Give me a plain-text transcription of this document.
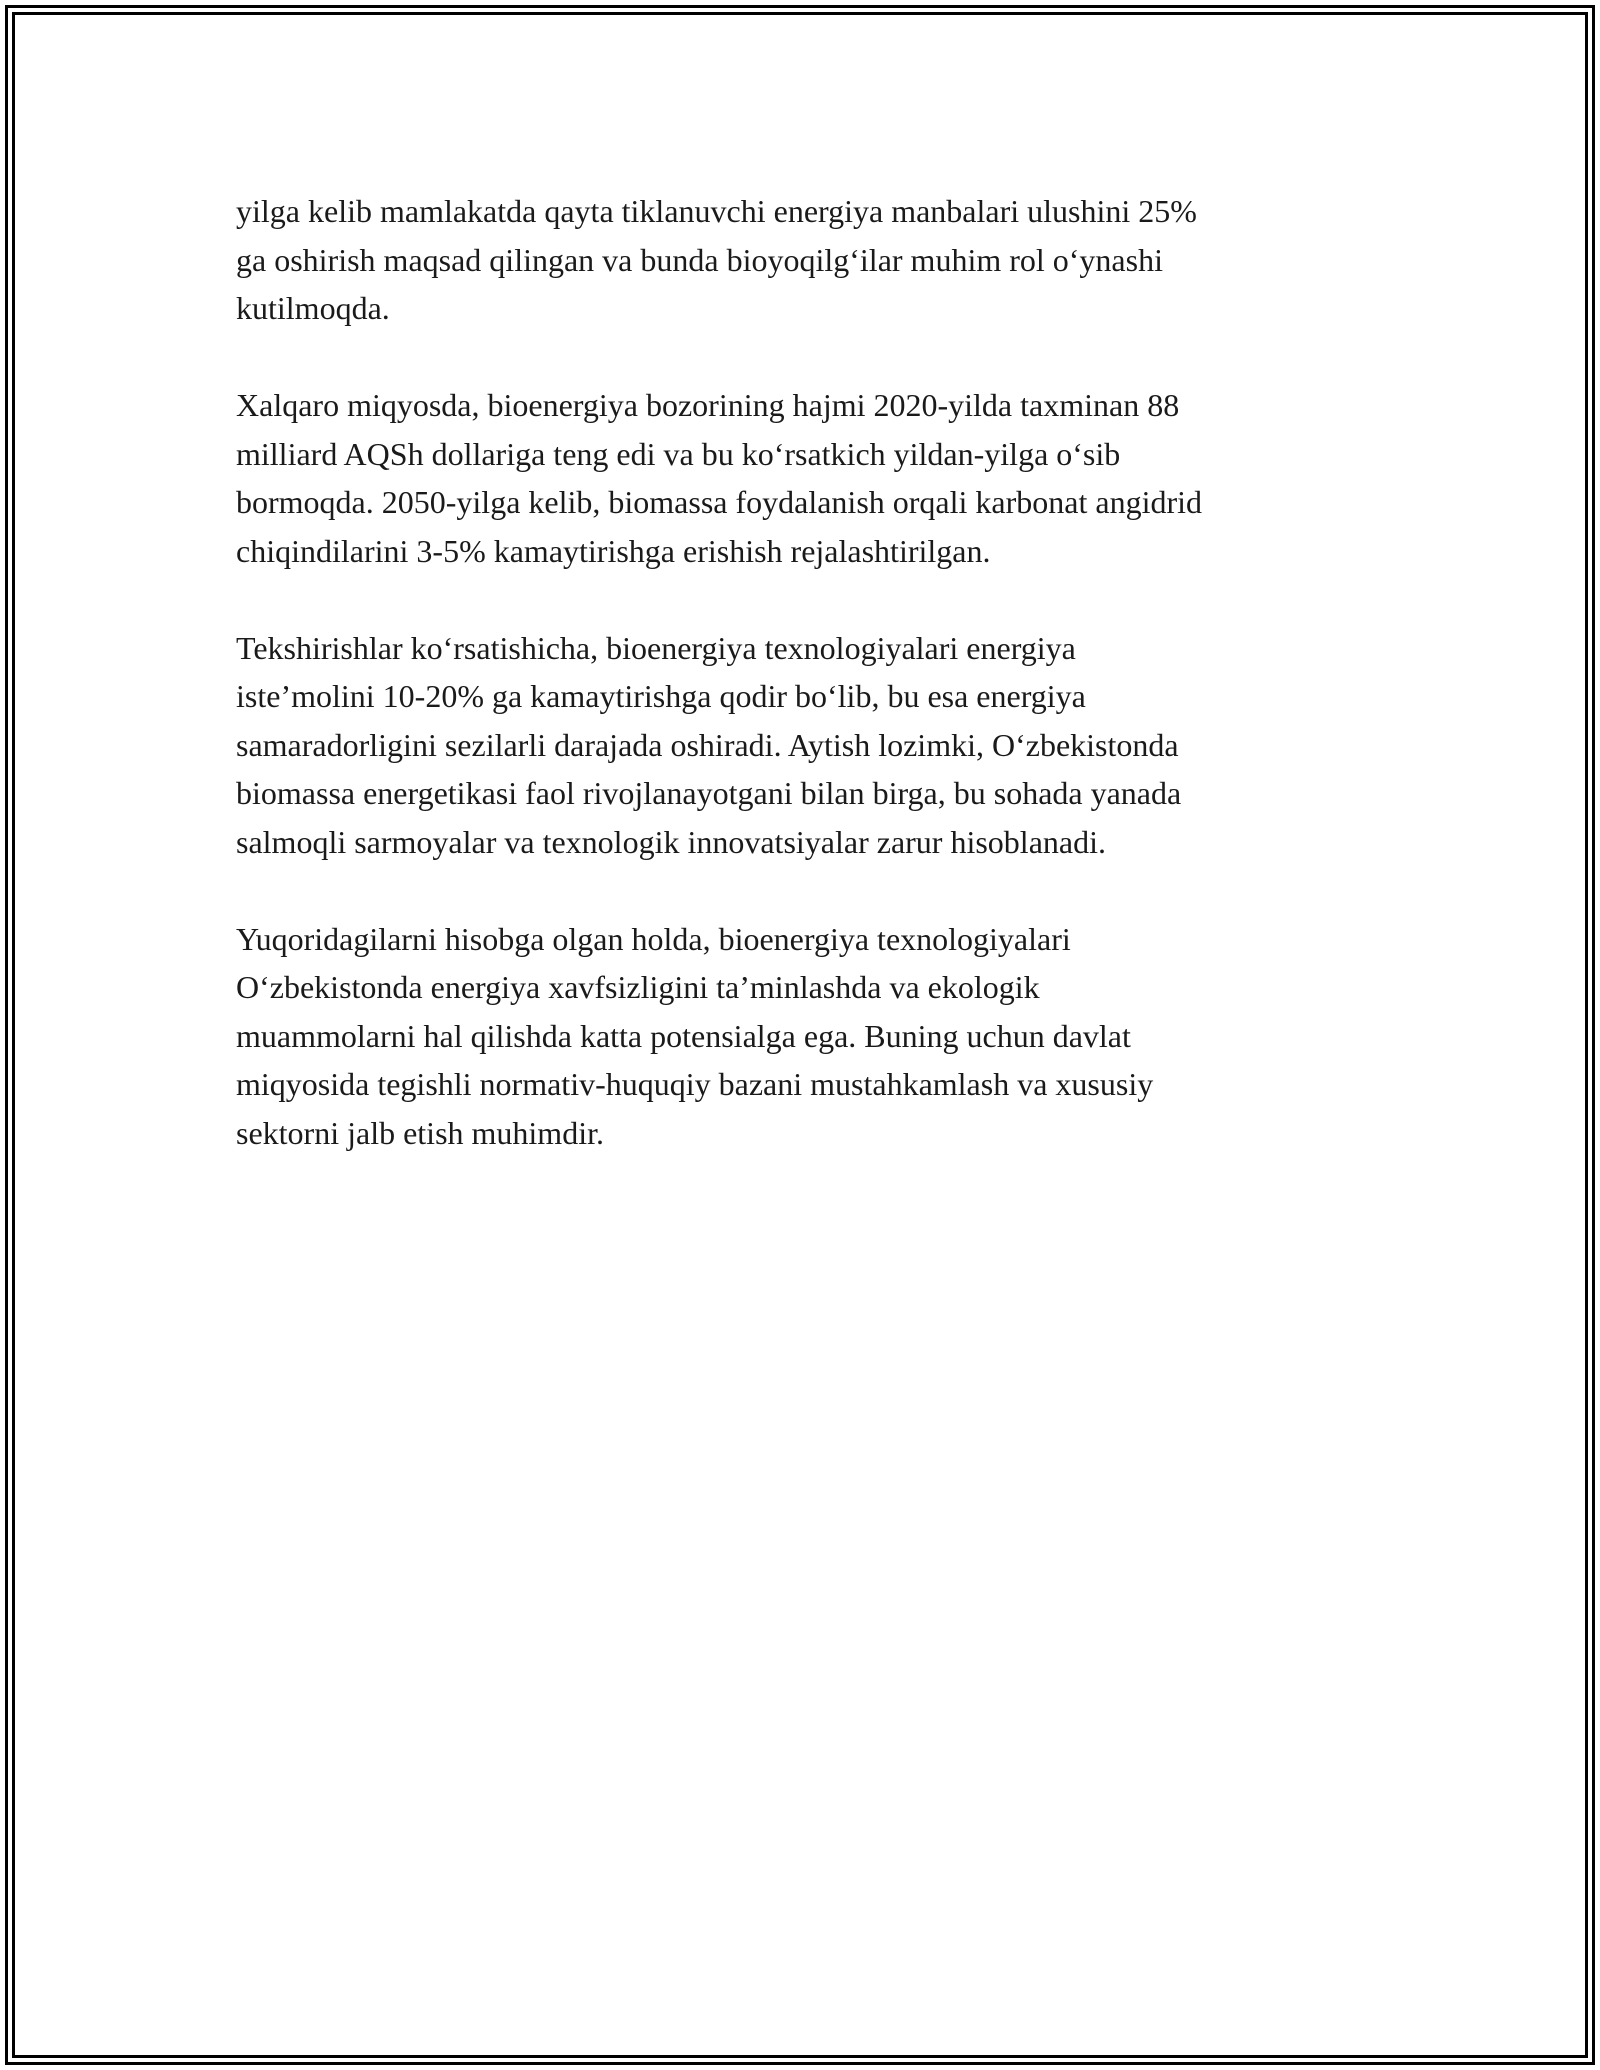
yilga kelib mamlakatda qayta tiklanuvchi energiya manbalari ulushini 25%
ga oshirish maqsad qilingan va bunda bioyoqilg‘ilar muhim rol o‘ynashi
kutilmoqda.

Xalqaro miqyosda, bioenergiya bozorining hajmi 2020-yilda taxminan 88
milliard AQSh dollariga teng edi va bu ko‘rsatkich yildan-yilga o‘sib
bormoqda. 2050-yilga kelib, biomassa foydalanish orqali karbonat angidrid
chiqindilarini 3-5% kamaytirishga erishish rejalashtirilgan.

Tekshirishlar ko‘rsatishicha, bioenergiya texnologiyalari energiya
iste’molini 10-20% ga kamaytirishga qodir bo‘lib, bu esa energiya
samaradorligini sezilarli darajada oshiradi. Aytish lozimki, O‘zbekistonda
biomassa energetikasi faol rivojlanayotgani bilan birga, bu sohada yanada
salmoqli sarmoyalar va texnologik innovatsiyalar zarur hisoblanadi.

Yuqoridagilarni hisobga olgan holda, bioenergiya texnologiyalari
O‘zbekistonda energiya xavfsizligini ta’minlashda va ekologik
muammolarni hal qilishda katta potensialga ega. Buning uchun davlat
miqyosida tegishli normativ-huquqiy bazani mustahkamlash va xususiy
sektorni jalb etish muhimdir.
